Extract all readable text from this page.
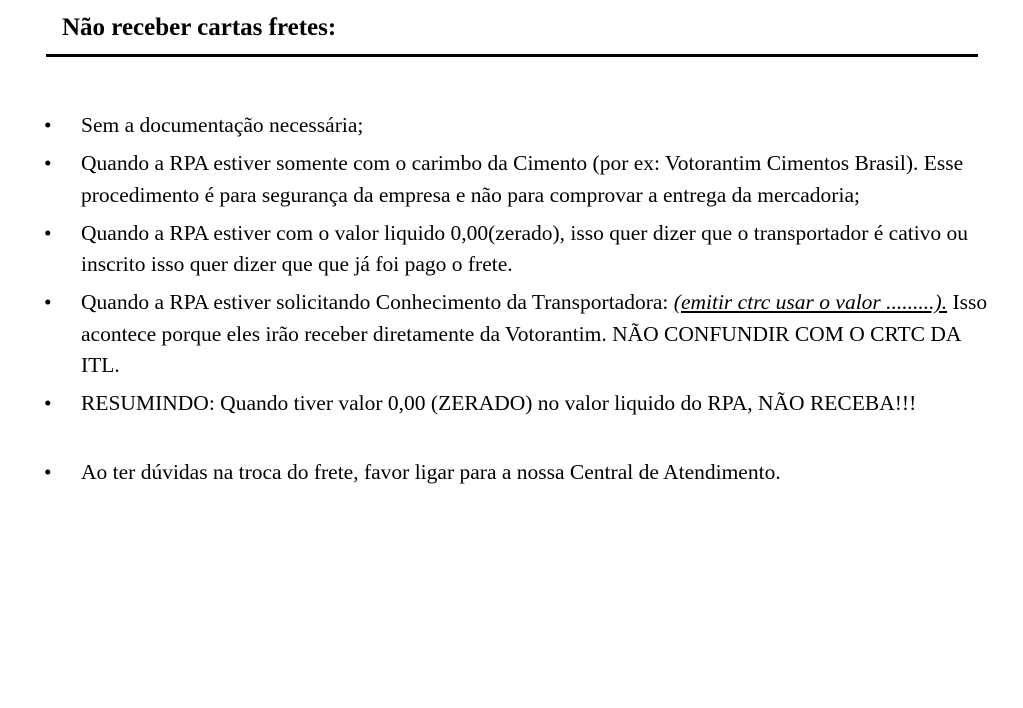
Não receber cartas fretes:
• Sem a documentação necessária;
• Quando a RPA estiver somente com o carimbo da Cimento (por ex: Votorantim Cimentos Brasil). Esse procedimento é para segurança da empresa e não para comprovar a entrega da mercadoria;
• Quando a RPA estiver com o valor liquido 0,00(zerado), isso quer dizer que o transportador é cativo ou inscrito isso quer dizer que que já foi pago o frete.
• Quando a RPA estiver solicitando Conhecimento da Transportadora: (emitir ctrc usar o valor .........). Isso acontece porque eles irão receber diretamente da Votorantim. NÃO CONFUNDIR COM O CRTC DA ITL.
• RESUMINDO: Quando tiver valor 0,00 (ZERADO) no valor liquido do RPA, NÃO RECEBA!!!
• Ao ter dúvidas na troca do frete, favor ligar para a nossa Central de Atendimento.
